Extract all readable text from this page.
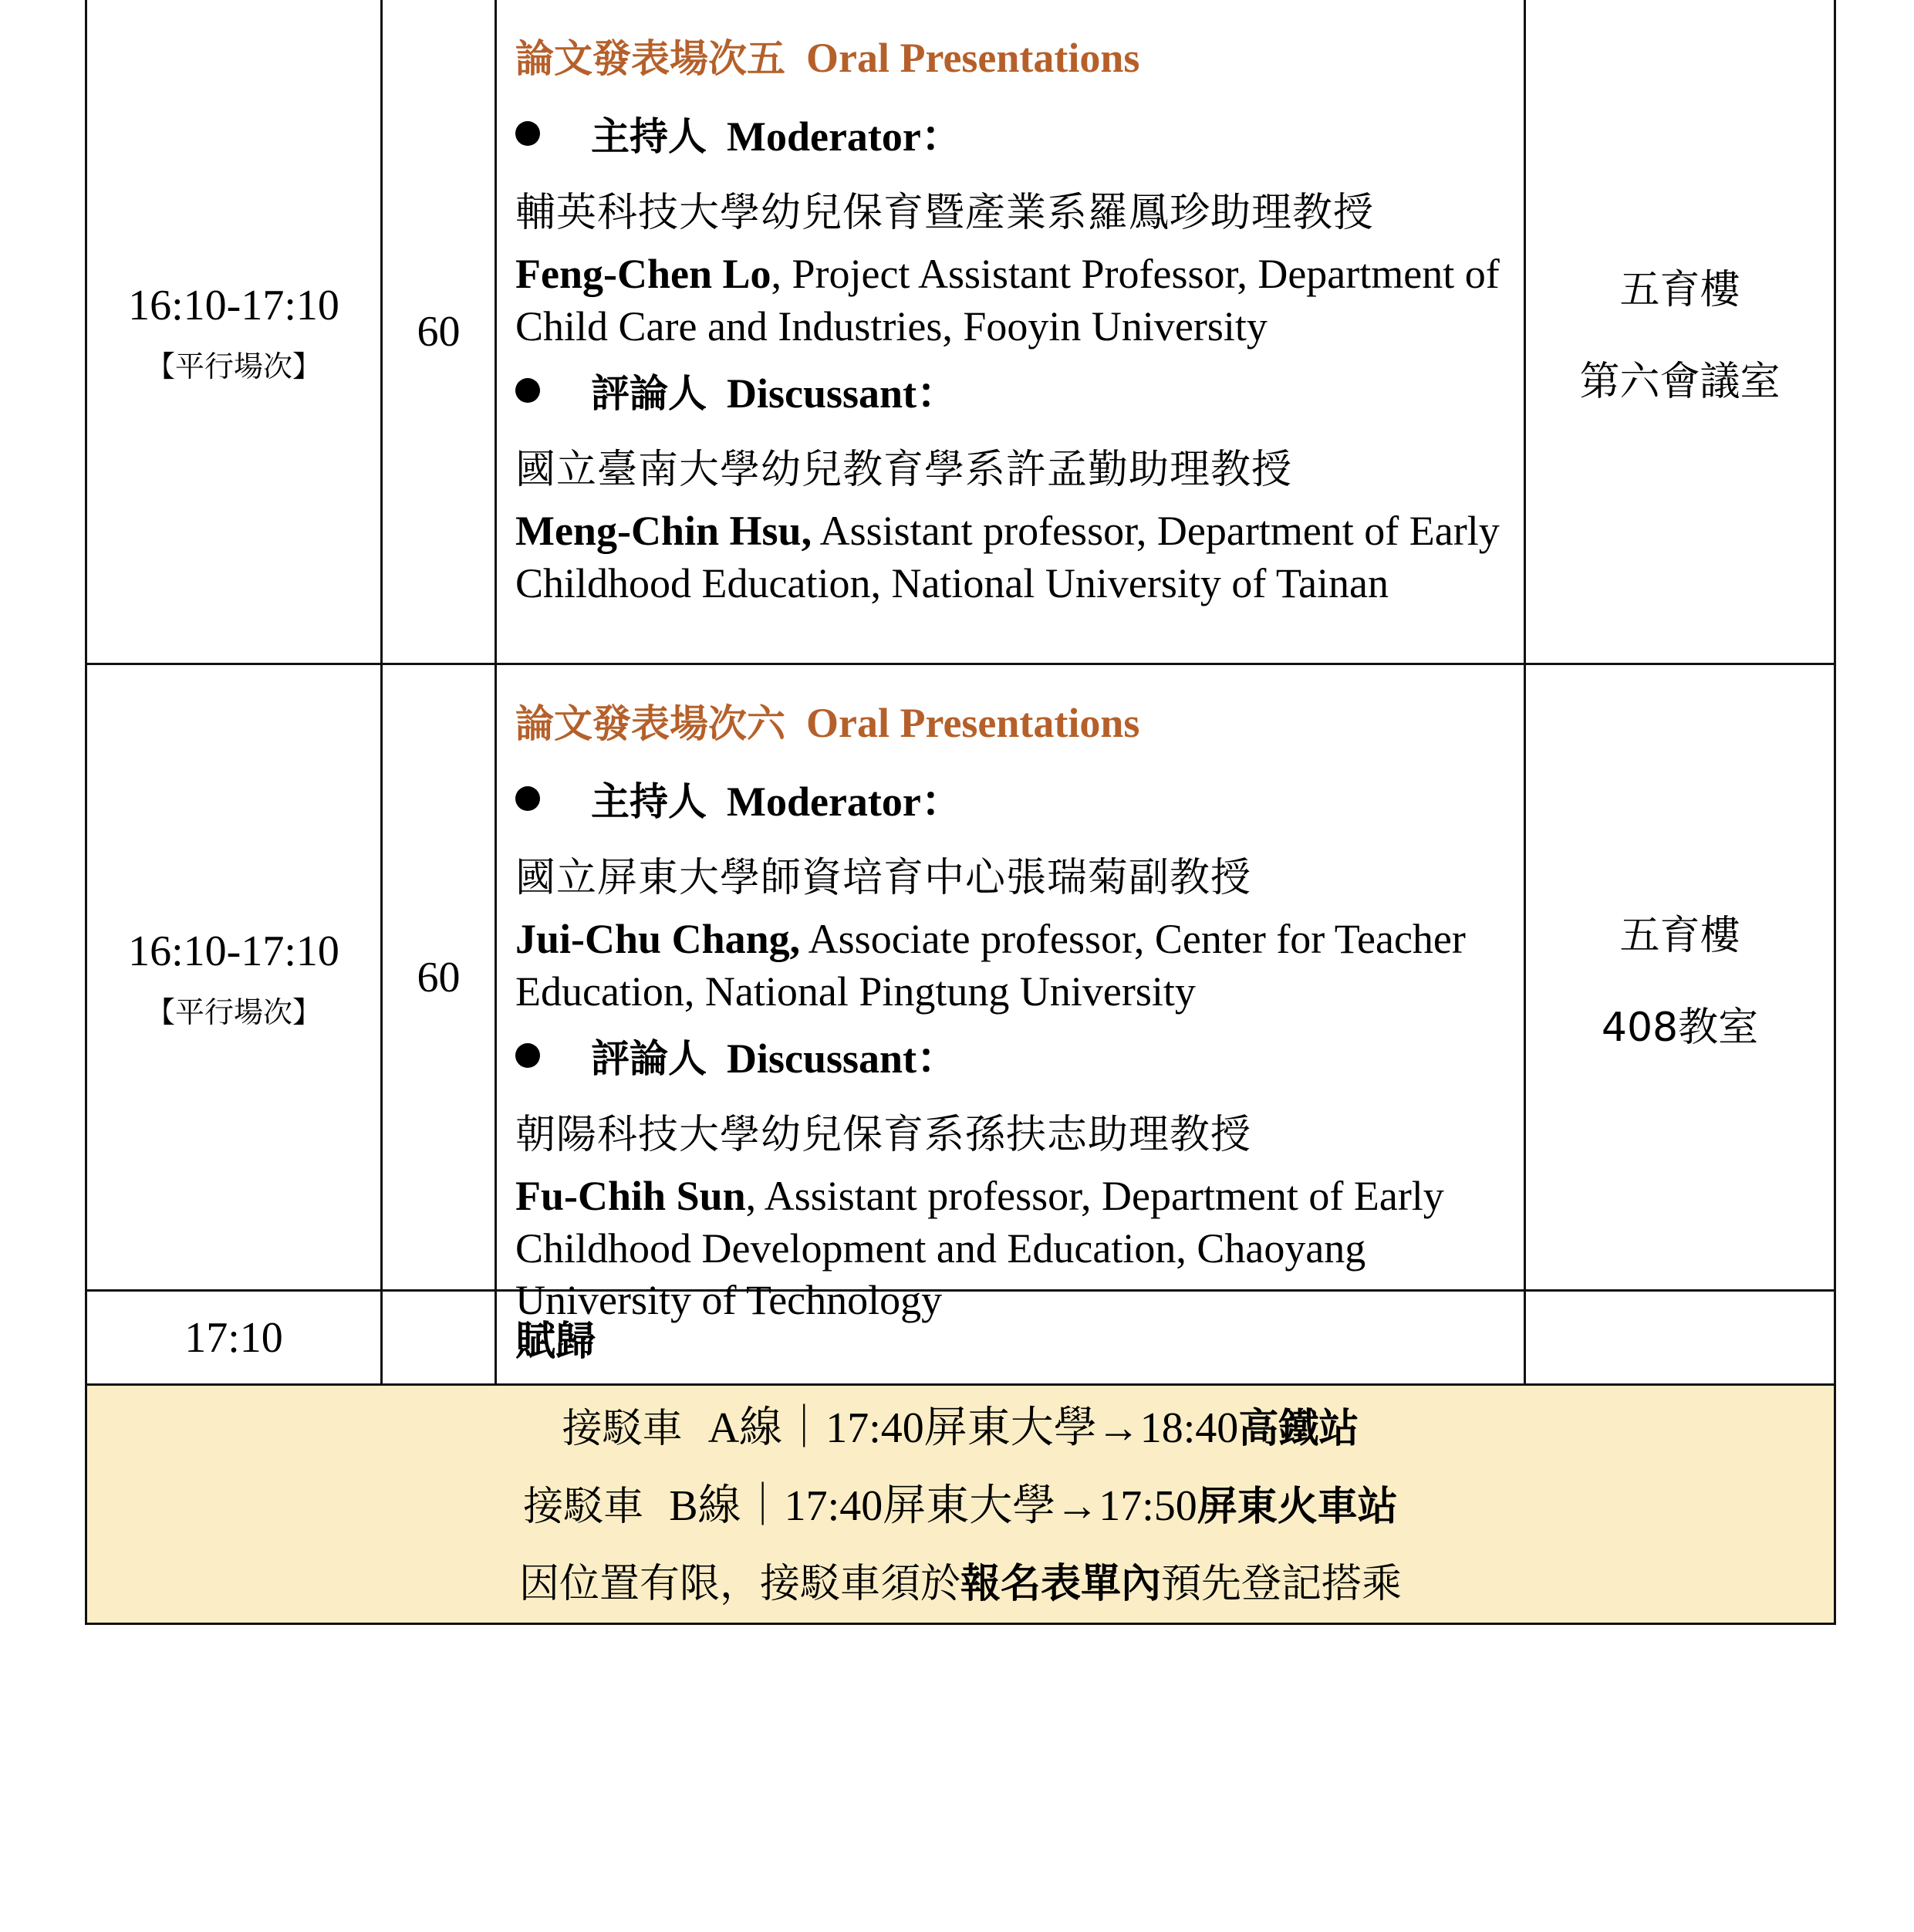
16:10-17:10
【平行場次】
60
論文發表場次五 Oral Presentations
主持人 Moderator：
輔英科技大學幼兒保育暨產業系羅鳳珍助理教授
Feng-Chen Lo, Project Assistant Professor, Department of Child Care and Industries, Fooyin University
評論人 Discussant：
國立臺南大學幼兒教育學系許孟勤助理教授
Meng-Chin Hsu, Assistant professor, Department of Early Childhood Education, National University of Tainan
五育樓
第六會議室
16:10-17:10
【平行場次】
60
論文發表場次六 Oral Presentations
主持人 Moderator：
國立屏東大學師資培育中心張瑞菊副教授
Jui-Chu Chang, Associate professor, Center for Teacher Education, National Pingtung University
評論人 Discussant：
朝陽科技大學幼兒保育系孫扶志助理教授
Fu-Chih Sun, Assistant professor, Department of Early Childhood Development and Education, Chaoyang University of Technology
五育樓
408教室
17:10	賦歸
接駁車 A線｜17:40屏東大學→18:40高鐵站
接駁車 B線｜17:40屏東大學→17:50屏東火車站
因位置有限，接駁車須於報名表單內預先登記搭乘
